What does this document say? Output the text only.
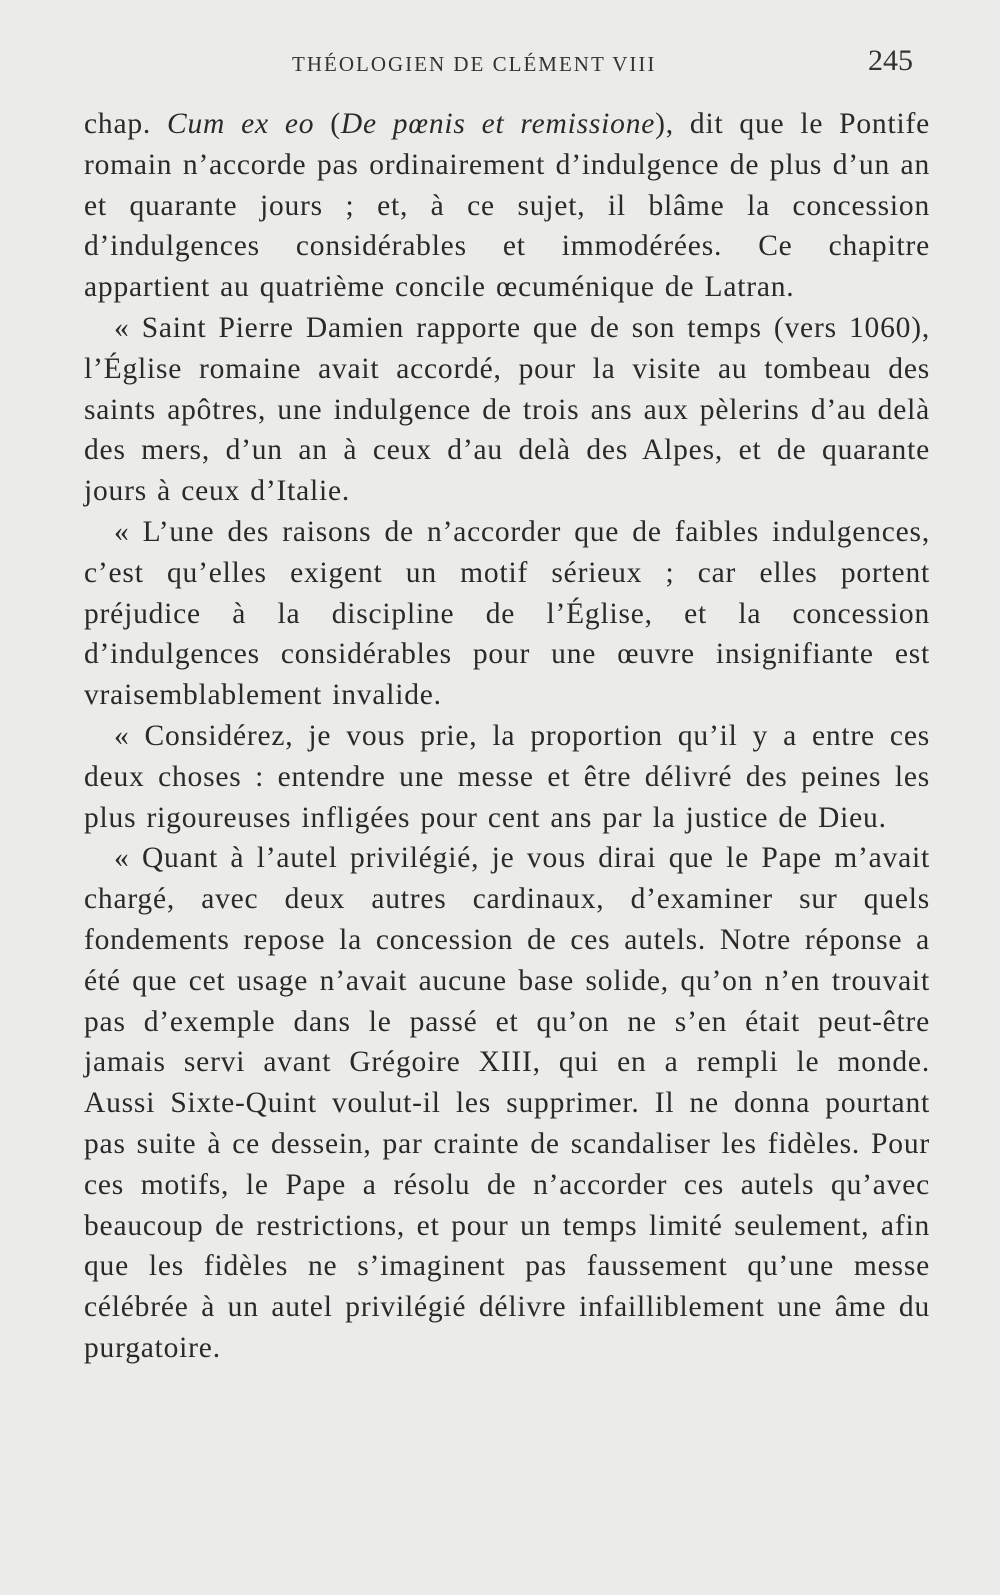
THÉOLOGIEN DE CLÉMENT VIII	245

chap. Cum ex eo (De pœnis et remissione), dit que le Pontife romain n’accorde pas ordinairement d’indulgence de plus d’un an et quarante jours ; et, à ce sujet, il blâme la concession d’indulgences considérables et immodérées. Ce chapitre appartient au quatrième concile œcuménique de Latran.

« Saint Pierre Damien rapporte que de son temps (vers 1060), l’Église romaine avait accordé, pour la visite au tombeau des saints apôtres, une indulgence de trois ans aux pèlerins d’au delà des mers, d’un an à ceux d’au delà des Alpes, et de quarante jours à ceux d’Italie.

« L’une des raisons de n’accorder que de faibles indulgences, c’est qu’elles exigent un motif sérieux ; car elles portent préjudice à la discipline de l’Église, et la concession d’indulgences considérables pour une œuvre insignifiante est vraisemblablement invalide.

« Considérez, je vous prie, la proportion qu’il y a entre ces deux choses : entendre une messe et être délivré des peines les plus rigoureuses infligées pour cent ans par la justice de Dieu.

« Quant à l’autel privilégié, je vous dirai que le Pape m’avait chargé, avec deux autres cardinaux, d’examiner sur quels fondements repose la concession de ces autels. Notre réponse a été que cet usage n’avait aucune base solide, qu’on n’en trouvait pas d’exemple dans le passé et qu’on ne s’en était peut-être jamais servi avant Grégoire XIII, qui en a rempli le monde. Aussi Sixte-Quint voulut-il les supprimer. Il ne donna pourtant pas suite à ce dessein, par crainte de scandaliser les fidèles. Pour ces motifs, le Pape a résolu de n’accorder ces autels qu’avec beaucoup de restrictions, et pour un temps limité seulement, afin que les fidèles ne s’imaginent pas faussement qu’une messe célébrée à un autel privilégié délivre infailliblement une âme du purgatoire.
